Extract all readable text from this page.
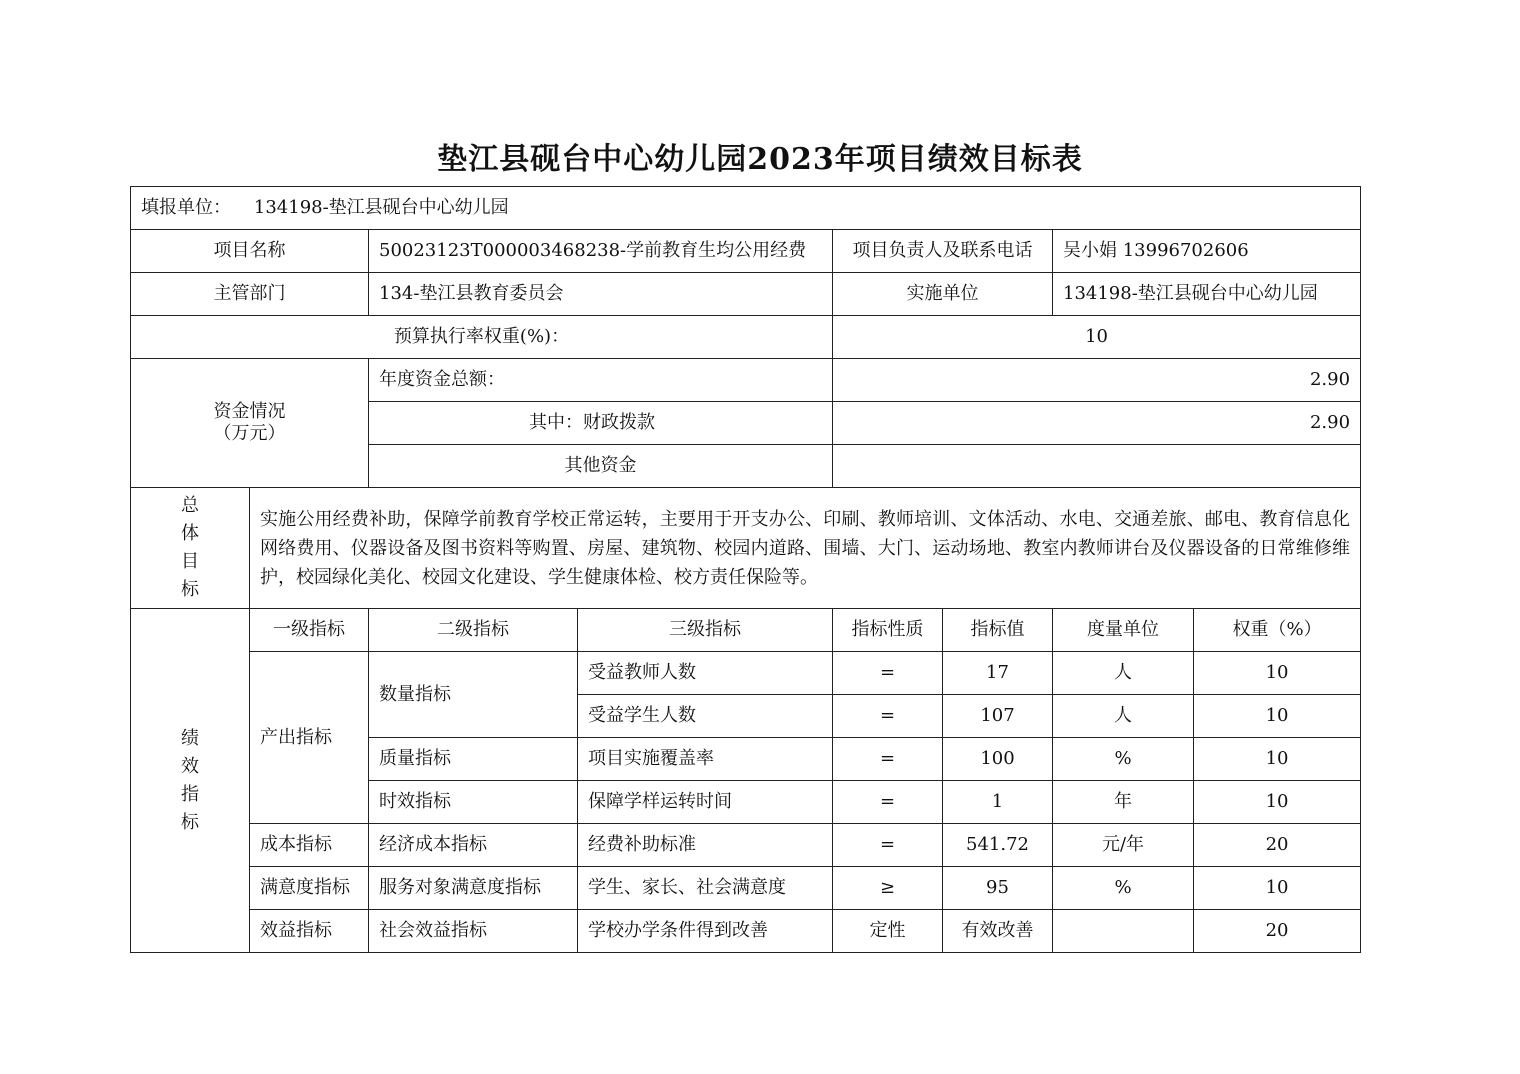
垫江县砚台中心幼儿园2023年项目绩效目标表
填报单位： 134198-垫江县砚台中心幼儿园							
项目名称		50023123T000003468238-学前教育生均公用经费		项目负责人及联系电话		吴小娟 13996702606	
主管部门		134-垫江县教育委员会		实施单位		134198-垫江县砚台中心幼儿园	
预算执行率权重(%)：				10			

资金情况
（万元）		年度资金总额：		2.90			
		其中：财政拨款		2.90			
		其他资金					

总
体
目
标	实施公用经费补助，保障学前教育学校正常运转，主要用于开支办公、印刷、教师培训、文体活动、水电、交通差旅、邮电、教育信息化网络费用、仪器设备及图书资料等购置、房屋、建筑物、校园内道路、围墙、大门、运动场地、教室内教师讲台及仪器设备的日常维修维护，校园绿化美化、校园文化建设、学生健康体检、校方责任保险等。						

绩
效
指
标	一级指标	二级指标	三级指标	指标性质	指标值	度量单位	权重（%）
	产出指标	数量指标	受益教师人数	=	17	人	10
			受益学生人数	=	107	人	10
		质量指标	项目实施覆盖率	=	100	%	10
		时效指标	保障学样运转时间	=	1	年	10
	成本指标	经济成本指标	经费补助标准	=	541.72	元/年	20
	满意度指标	服务对象满意度指标	学生、家长、社会满意度	≥	95	%	10
	效益指标	社会效益指标	学校办学条件得到改善	定性	有效改善		20
